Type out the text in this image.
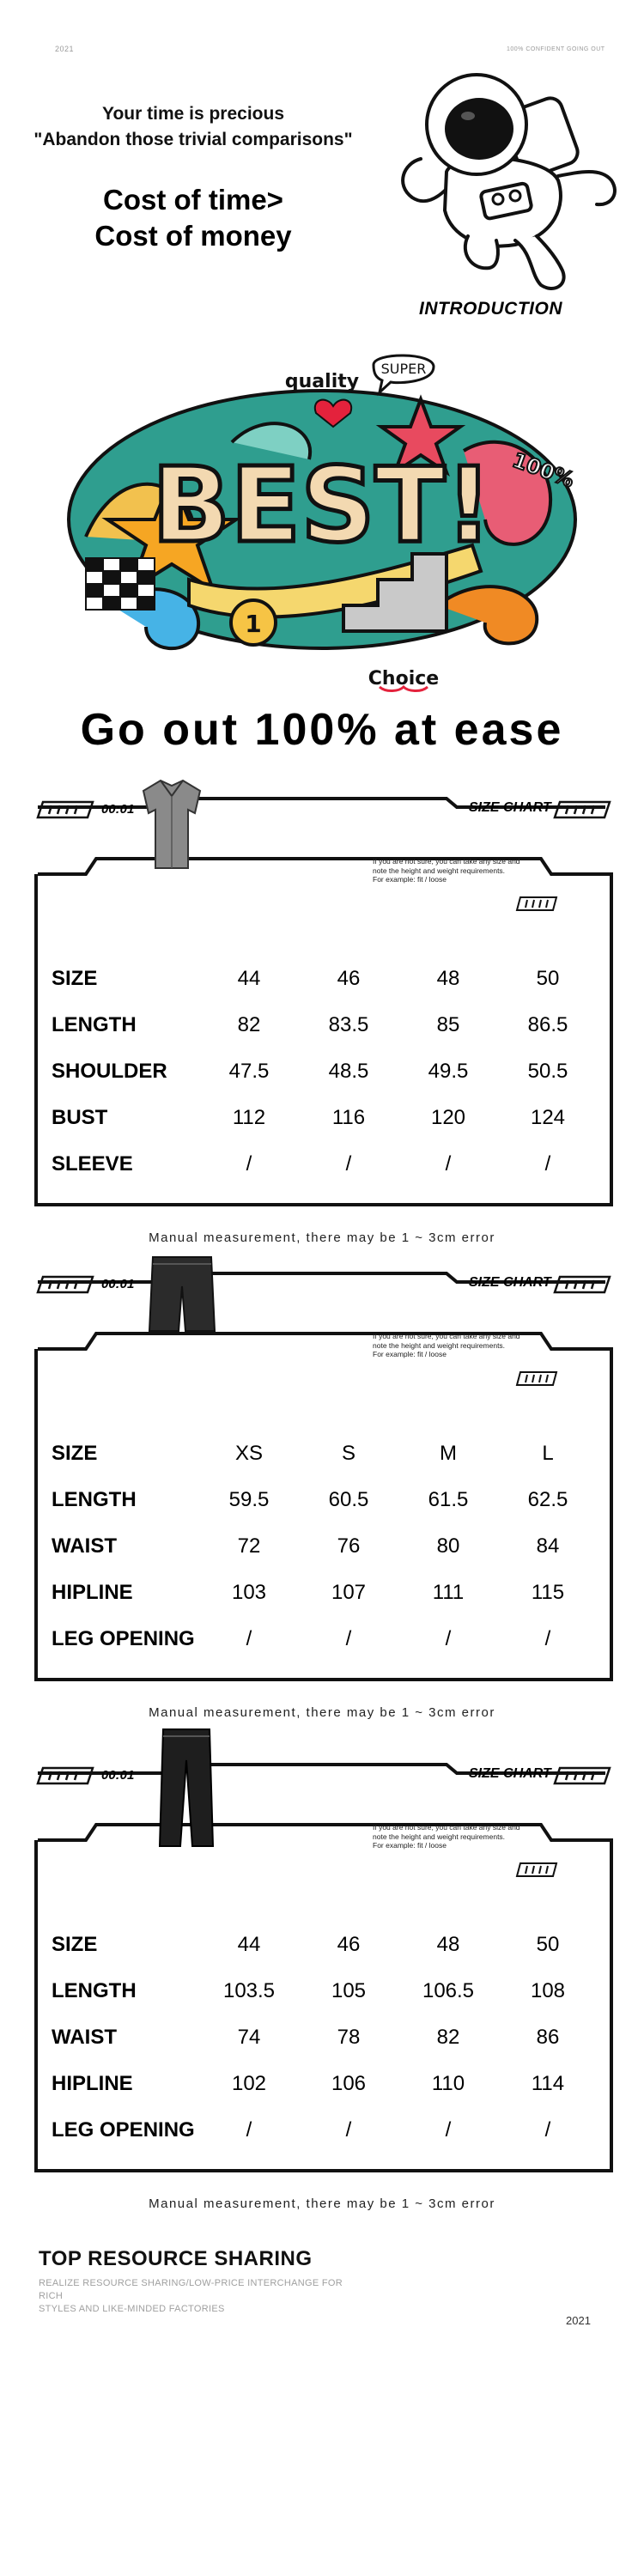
2021	100% CONFIDENT GOING OUT
Your time is precious
"Abandon those trivial comparisons"
Cost of time>
Cost of money
INTRODUCTION
1
BEST!
quality
SUPER
100%
Choice
Go out 100% at ease
00:01	SIZE CHART
If you are not sure, you can take any size and
note the height and weight requirements.
For example: fit / loose
SIZE	44	46	48	50
LENGTH	82	83.5	85	86.5
SHOULDER	47.5	48.5	49.5	50.5
BUST	112	116	120	124
SLEEVE	/	/	/	/
Manual measurement, there may be 1 ~ 3cm error
00:01	SIZE CHART
If you are not sure, you can take any size and
note the height and weight requirements.
For example: fit / loose
SIZE	XS	S	M	L
LENGTH	59.5	60.5	61.5	62.5
WAIST	72	76	80	84
HIPLINE	103	107	111	115
LEG OPENING	/	/	/	/
Manual measurement, there may be 1 ~ 3cm error
00:01	SIZE CHART
If you are not sure, you can take any size and
note the height and weight requirements.
For example: fit / loose
SIZE	44	46	48	50
LENGTH	103.5	105	106.5	108
WAIST	74	78	82	86
HIPLINE	102	106	110	114
LEG OPENING	/	/	/	/
Manual measurement, there may be 1 ~ 3cm error
TOP RESOURCE SHARING
REALIZE RESOURCE SHARING/LOW-PRICE INTERCHANGE FOR RICH
STYLES AND LIKE-MINDED FACTORIES
2021
